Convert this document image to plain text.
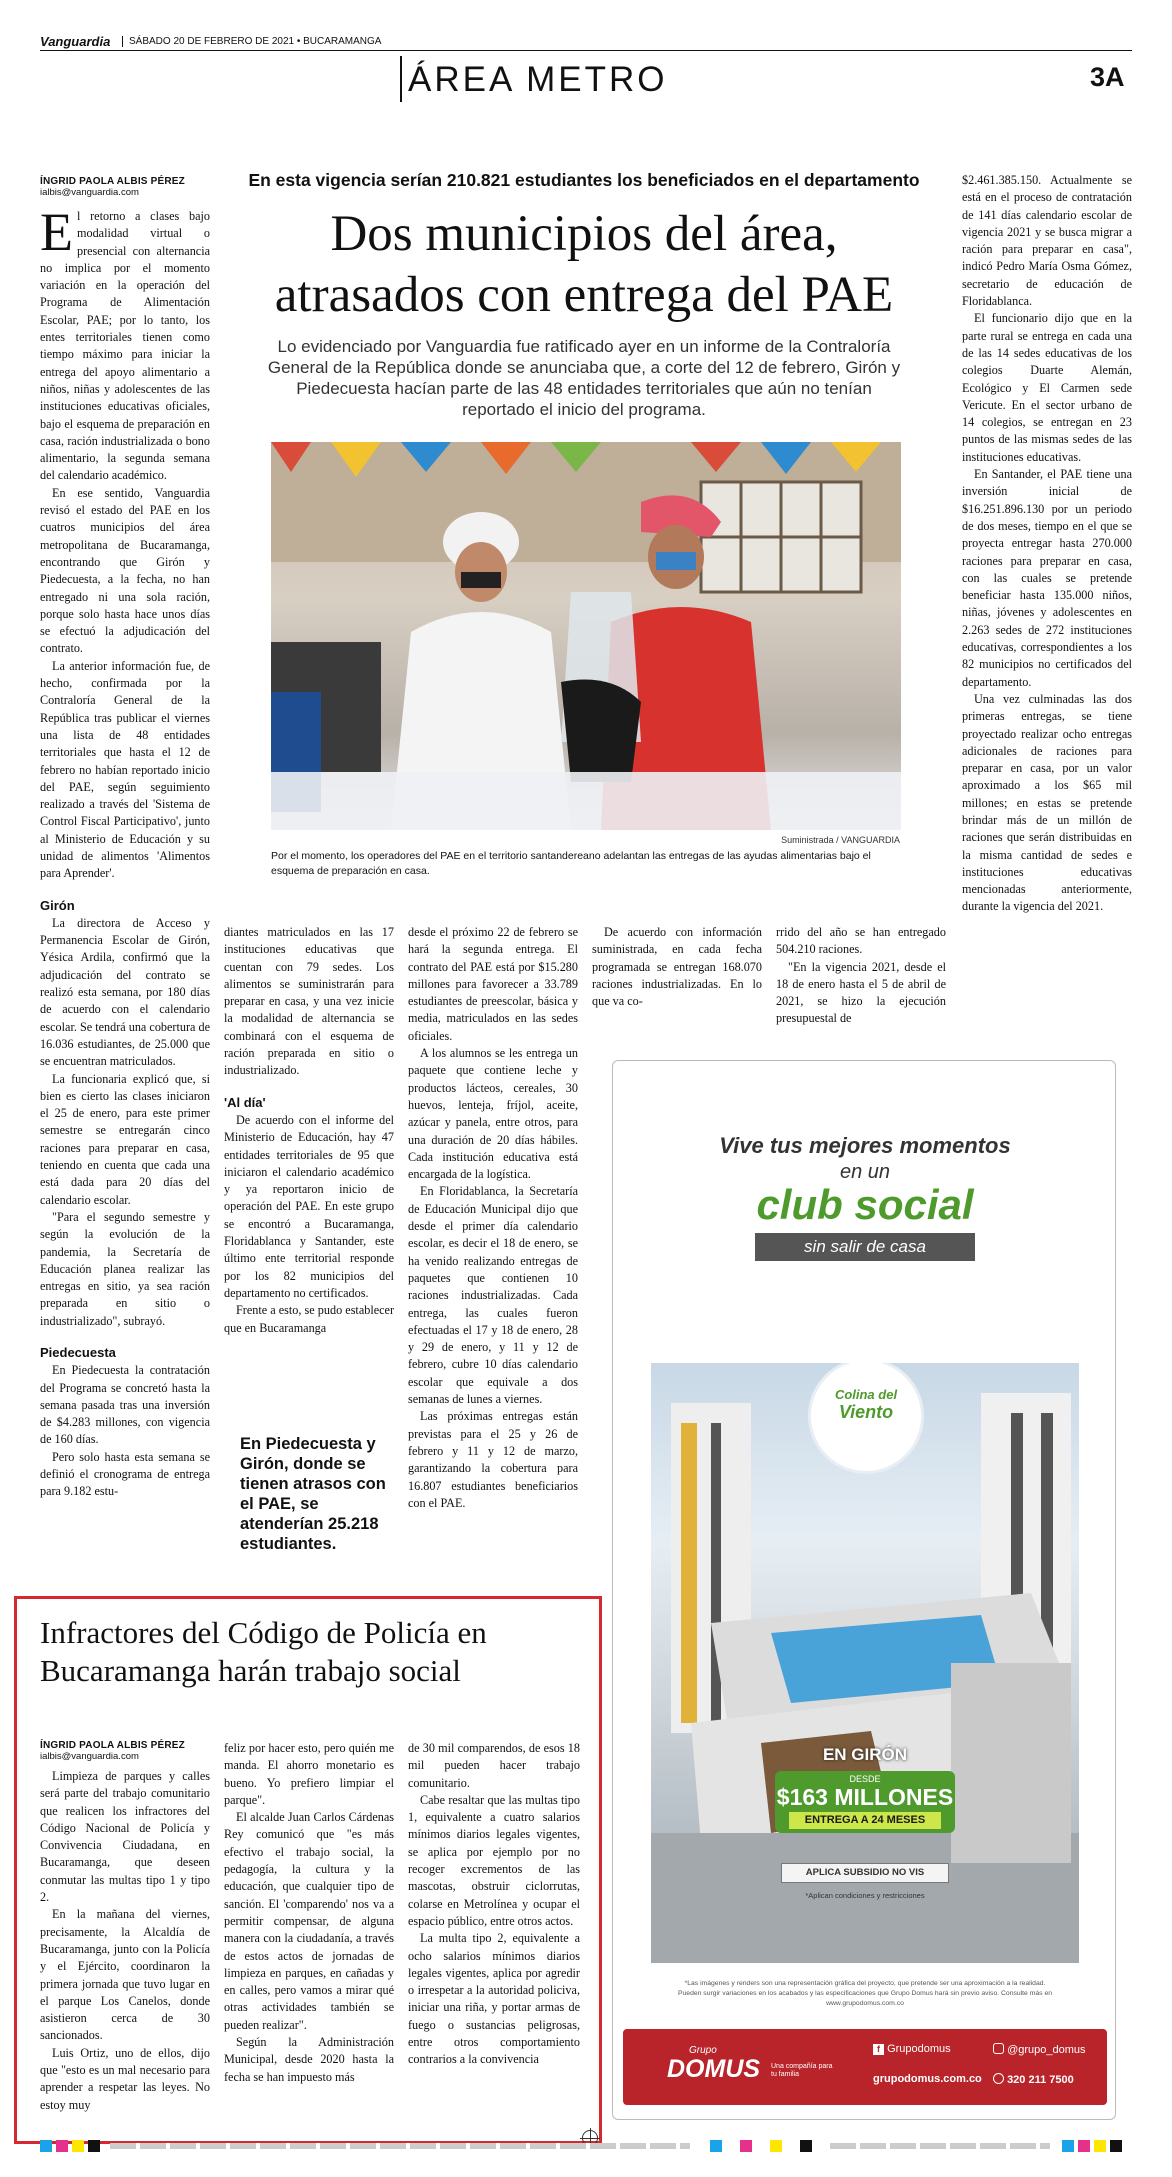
Vanguardia	SÁBADO 20 DE FEBRERO DE 2021 • BUCARAMANGA
ÁREA METRO	3A
ÍNGRID PAOLA ALBIS PÉREZ
ialbis@vanguardia.com
En esta vigencia serían 210.821 estudiantes los beneficiados en el departamento
Dos municipios del área,
atrasados con entrega del PAE
Lo evidenciado por Vanguardia fue ratificado ayer en un informe de la Contraloría General de la República donde se anunciaba que, a corte del 12 de febrero, Girón y Piedecuesta hacían parte de las 48 entidades territoriales que aún no tenían reportado el inicio del programa.
Suministrada / VANGUARDIA
Por el momento, los operadores del PAE en el territorio santandereano adelantan las entregas de las ayudas alimentarias bajo el esquema de preparación en casa.
E l retorno a clases bajo modalidad virtual o presencial con alternancia no implica por el momento variación en la operación del Programa de Alimentación Escolar, PAE; por lo tanto, los entes territoriales tienen como tiempo máximo para iniciar la entrega del apoyo alimentario a niños, niñas y adolescentes de las instituciones educativas oficiales, bajo el esquema de preparación en casa, ración industrializada o bono alimentario, la segunda semana del calendario académico.

En ese sentido, Vanguardia revisó el estado del PAE en los cuatros municipios del área metropolitana de Bucaramanga, encontrando que Girón y Piedecuesta, a la fecha, no han entregado ni una sola ración, porque solo hasta hace unos días se efectuó la adjudicación del contrato.

La anterior información fue, de hecho, confirmada por la Contraloría General de la República tras publicar el viernes una lista de 48 entidades territoriales que hasta el 12 de febrero no habían reportado inicio del PAE, según seguimiento realizado a través del 'Sistema de Control Fiscal Participativo', junto al Ministerio de Educación y su unidad de alimentos 'Alimentos para Aprender'.

Girón

La directora de Acceso y Permanencia Escolar de Girón, Yésica Ardila, confirmó que la adjudicación del contrato se realizó esta semana, por 180 días de acuerdo con el calendario escolar. Se tendrá una cobertura de 16.036 estudiantes, de 25.000 que se encuentran matriculados.

La funcionaria explicó que, si bien es cierto las clases iniciaron el 25 de enero, para este primer semestre se entregarán cinco raciones para preparar en casa, teniendo en cuenta que cada una está dada para 20 días del calendario escolar.

"Para el segundo semestre y según la evolución de la pandemia, la Secretaría de Educación planea realizar las entregas en sitio, ya sea ración preparada en sitio o industrializado", subrayó.

Piedecuesta

En Piedecuesta la contratación del Programa se concretó hasta la semana pasada tras una inversión de $4.283 millones, con vigencia de 160 días.

Pero solo hasta esta semana se definió el cronograma de entrega para 9.182 estu-

diantes matriculados en las 17 instituciones educativas que cuentan con 79 sedes. Los alimentos se suministrarán para preparar en casa, y una vez inicie la modalidad de alternancia se combinará con el esquema de ración preparada en sitio o industrializado.

'Al día'

De acuerdo con el informe del Ministerio de Educación, hay 47 entidades territoriales de 95 que iniciaron el calendario académico y ya reportaron inicio de operación del PAE. En este grupo se encontró a Bucaramanga, Floridablanca y Santander, este último ente territorial responde por los 82 municipios del departamento no certificados.

Frente a esto, se pudo establecer que en Bucaramanga

En Piedecuesta y Girón, donde se tienen atrasos con el PAE, se atenderían 25.218 estudiantes.

desde el próximo 22 de febrero se hará la segunda entrega. El contrato del PAE está por $15.280 millones para favorecer a 33.789 estudiantes de preescolar, básica y media, matriculados en las sedes oficiales.

A los alumnos se les entrega un paquete que contiene leche y productos lácteos, cereales, 30 huevos, lenteja, fríjol, aceite, azúcar y panela, entre otros, para una duración de 20 días hábiles. Cada institución educativa está encargada de la logística.

En Floridablanca, la Secretaría de Educación Municipal dijo que desde el primer día calendario escolar, es decir el 18 de enero, se ha venido realizando entregas de paquetes que contienen 10 raciones industrializadas. Cada entrega, las cuales fueron efectuadas el 17 y 18 de enero, 28 y 29 de enero, y 11 y 12 de febrero, cubre 10 días calendario escolar que equivale a dos semanas de lunes a viernes.

Las próximas entregas están previstas para el 25 y 26 de febrero y 11 y 12 de marzo, garantizando la cobertura para 16.807 estudiantes beneficiarios con el PAE.

De acuerdo con información suministrada, en cada fecha programada se entregan 168.070 raciones industrializadas. En lo que va co-

rrido del año se han entregado 504.210 raciones.

"En la vigencia 2021, desde el 18 de enero hasta el 5 de abril de 2021, se hizo la ejecución presupuestal de

$2.461.385.150. Actualmente se está en el proceso de contratación de 141 días calendario escolar de vigencia 2021 y se busca migrar a ración para preparar en casa", indicó Pedro María Osma Gómez, secretario de educación de Floridablanca.

El funcionario dijo que en la parte rural se entrega en cada una de las 14 sedes educativas de los colegios Duarte Alemán, Ecológico y El Carmen sede Vericute. En el sector urbano de 14 colegios, se entregan en 23 puntos de las mismas sedes de las instituciones educativas.

En Santander, el PAE tiene una inversión inicial de $16.251.896.130 por un periodo de dos meses, tiempo en el que se proyecta entregar hasta 270.000 raciones para preparar en casa, con las cuales se pretende beneficiar hasta 135.000 niños, niñas, jóvenes y adolescentes en 2.263 sedes de 272 instituciones educativas, correspondientes a los 82 municipios no certificados del departamento.

Una vez culminadas las dos primeras entregas, se tiene proyectado realizar ocho entregas adicionales de raciones para preparar en casa, por un valor aproximado a los $65 mil millones; en estas se pretende brindar más de un millón de raciones que serán distribuidas en la misma cantidad de sedes e instituciones educativas mencionadas anteriormente, durante la vigencia del 2021.

Infractores del Código de Policía en
Bucaramanga harán trabajo social
ÍNGRID PAOLA ALBIS PÉREZ
ialbis@vanguardia.com

Limpieza de parques y calles será parte del trabajo comunitario que realicen los infractores del Código Nacional de Policía y Convivencia Ciudadana, en Bucaramanga, que deseen conmutar las multas tipo 1 y tipo 2.

En la mañana del viernes, precisamente, la Alcaldía de Bucaramanga, junto con la Policía y el Ejército, coordinaron la primera jornada que tuvo lugar en el parque Los Canelos, donde asistieron cerca de 30 sancionados.

Luis Ortiz, uno de ellos, dijo que "esto es un mal necesario para aprender a respetar las leyes. No estoy muy

feliz por hacer esto, pero quién me manda. El ahorro monetario es bueno. Yo prefiero limpiar el parque".

El alcalde Juan Carlos Cárdenas Rey comunicó que "es más efectivo el trabajo social, la pedagogía, la cultura y la educación, que cualquier tipo de sanción. El 'comparendo' nos va a permitir compensar, de alguna manera con la ciudadanía, a través de estos actos de jornadas de limpieza en parques, en cañadas y en calles, pero vamos a mirar qué otras actividades también se pueden realizar".

Según la Administración Municipal, desde 2020 hasta la fecha se han impuesto más

de 30 mil comparendos, de esos 18 mil pueden hacer trabajo comunitario.

Cabe resaltar que las multas tipo 1, equivalente a cuatro salarios mínimos diarios legales vigentes, se aplica por ejemplo por no recoger excrementos de las mascotas, obstruir ciclorrutas, colarse en Metrolínea y ocupar el espacio público, entre otros actos.

La multa tipo 2, equivalente a ocho salarios mínimos diarios legales vigentes, aplica por agredir o irrespetar a la autoridad policiva, iniciar una riña, y portar armas de fuego o sustancias peligrosas, entre otros comportamiento contrarios a la convivencia

Vive tus mejores momentos
en un
club social
sin salir de casa
Colina del
Viento
EN GIRÓN
DESDE
$163 MILLONES
ENTREGA A 24 MESES
APLICA SUBSIDIO NO VIS
*Aplican condiciones y restricciones
*Las imágenes y renders son una representación gráfica del proyecto, que pretende ser una aproximación a la realidad. Pueden surgir variaciones en los acabados y las especificaciones que Grupo Domus hará sin previo aviso. Consulte más en www.grupodomus.com.co
Grupo
DOMUS Una compañía para tu familia
f Grupodomus	@grupo_domus
grupodomus.com.co	320 211 7500
